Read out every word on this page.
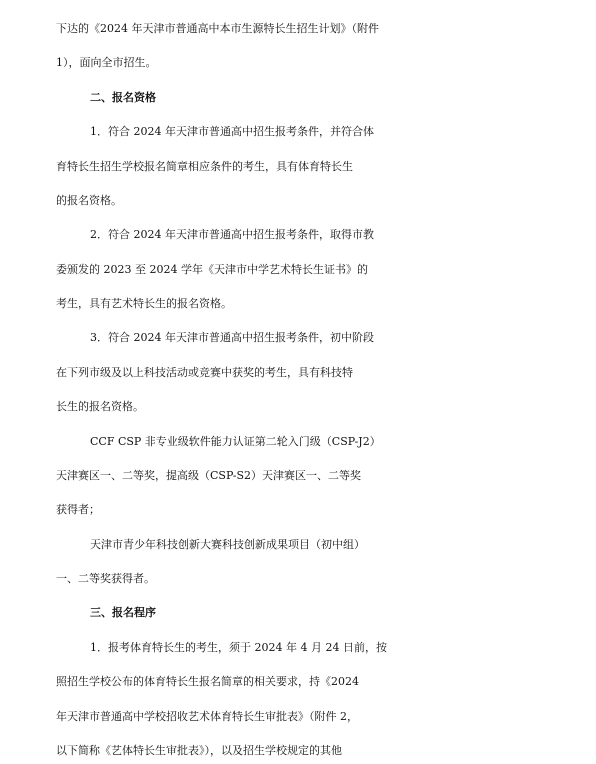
下达的《2024 年天津市普通高中本市生源特长生招生计划》（附件
1），面向全市招生。
二、报名资格
1．符合 2024 年天津市普通高中招生报考条件，并符合体
育特长生招生学校报名简章相应条件的考生，具有体育特长生
的报名资格。
2．符合 2024 年天津市普通高中招生报考条件，取得市教
委颁发的 2023 至 2024 学年《天津市中学艺术特长生证书》的
考生，具有艺术特长生的报名资格。
3．符合 2024 年天津市普通高中招生报考条件，初中阶段
在下列市级及以上科技活动或竞赛中获奖的考生，具有科技特
长生的报名资格。
CCF CSP 非专业级软件能力认证第二轮入门级（CSP-J2）
天津赛区一、二等奖，提高级（CSP-S2）天津赛区一、二等奖
获得者；
天津市青少年科技创新大赛科技创新成果项目（初中组）
一、二等奖获得者。
三、报名程序
1．报考体育特长生的考生，须于 2024 年 4 月 24 日前，按
照招生学校公布的体育特长生报名简章的相关要求，持《2024
年天津市普通高中学校招收艺术体育特长生审批表》（附件 2，
以下简称《艺体特长生审批表》），以及招生学校规定的其他
